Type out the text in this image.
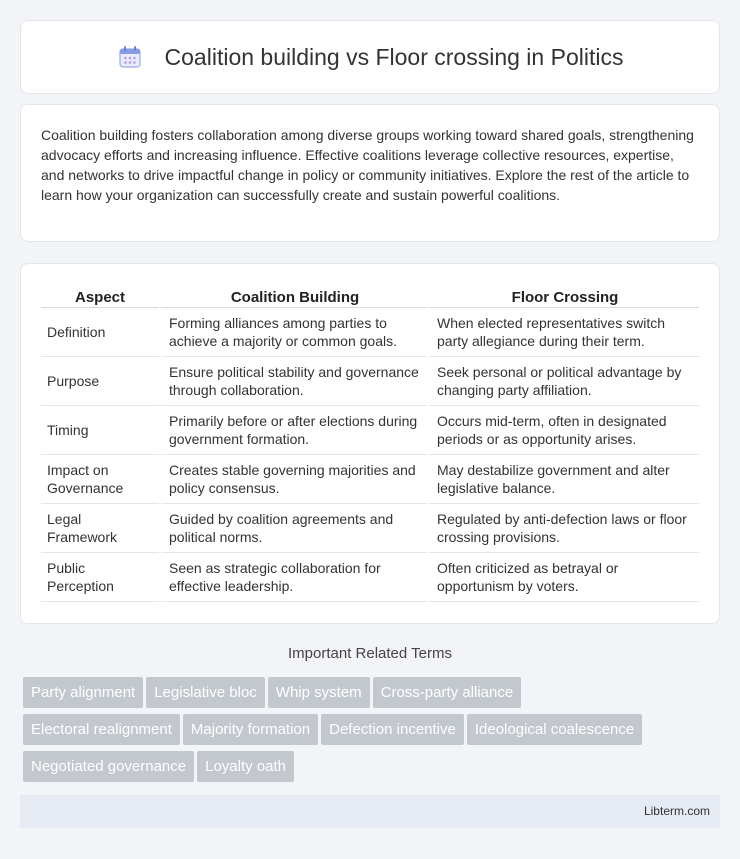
Coalition building vs Floor crossing in Politics

Coalition building fosters collaboration among diverse groups working toward shared goals, strengthening advocacy efforts and increasing influence. Effective coalitions leverage collective resources, expertise, and networks to drive impactful change in policy or community initiatives. Explore the rest of the article to learn how your organization can successfully create and sustain powerful coalitions.

Aspect	Coalition Building	Floor Crossing
Definition	Forming alliances among parties to achieve a majority or common goals.	When elected representatives switch party allegiance during their term.
Purpose	Ensure political stability and governance through collaboration.	Seek personal or political advantage by changing party affiliation.
Timing	Primarily before or after elections during government formation.	Occurs mid-term, often in designated periods or as opportunity arises.
Impact on Governance	Creates stable governing majorities and policy consensus.	May destabilize government and alter legislative balance.
Legal Framework	Guided by coalition agreements and political norms.	Regulated by anti-defection laws or floor crossing provisions.
Public Perception	Seen as strategic collaboration for effective leadership.	Often criticized as betrayal or opportunism by voters.
Important Related Terms
Party alignment Legislative bloc Whip system Cross-party alliance
Electoral realignment Majority formation Defection incentive Ideological coalescence
Negotiated governance Loyalty oath
Libterm.com
